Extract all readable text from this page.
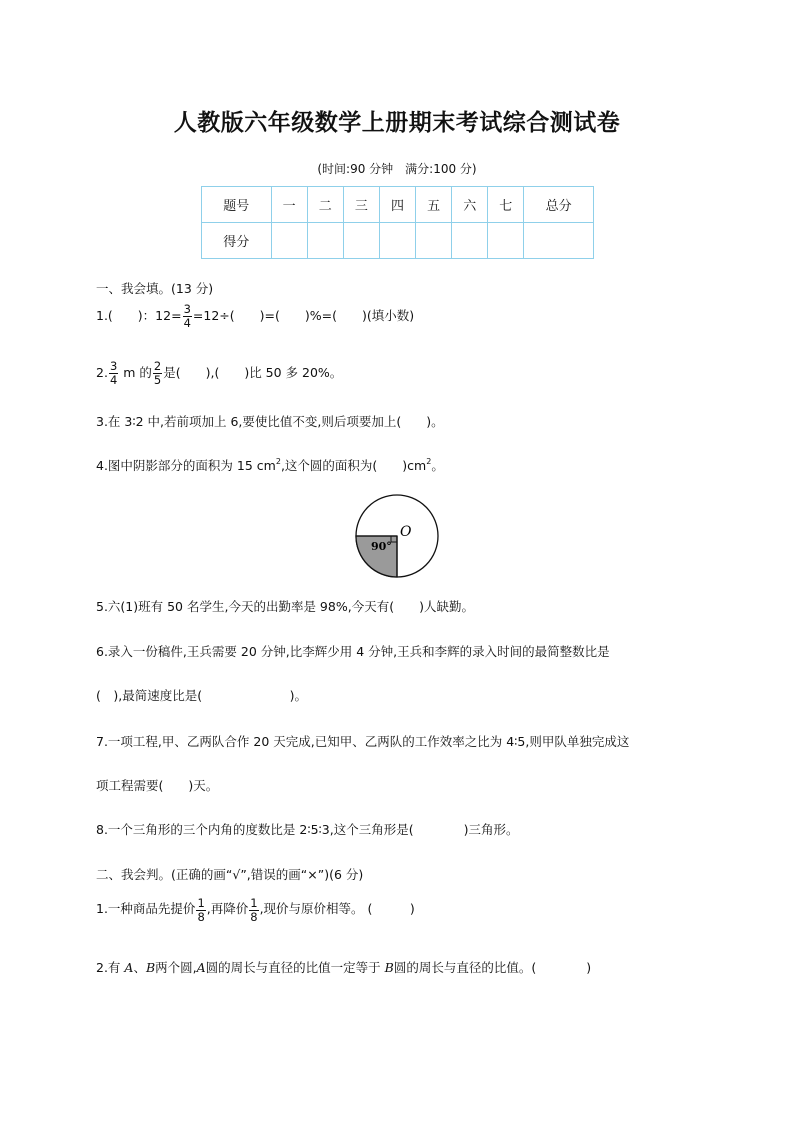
人教版六年级数学上册期末考试综合测试卷
(时间:90 分钟　满分:100 分)
题号	一	二	三	四	五	六	七	总分
得分								
一、我会填。(13 分)
1.(　　)：$12= \frac{3}{4} =12\div$(　　)=(　　)%=(　　)(填小数)
2. $\frac{3}{4}$ m 的 $\frac{2}{5}$ 是(　　),(　　)比 50 多 20%。
3.在 3∶2 中,若前项加上 6,要使比值不变,则后项要加上(　　)。
4.图中阴影部分的面积为 15 $cm^2$,这个圆的面积为(　　)$cm^2$。
90°
O
5.六(1)班有 50 名学生,今天的出勤率是 98%,今天有(　　)人缺勤。
6.录入一份稿件,王兵需要 20 分钟,比李辉少用 4 分钟,王兵和李辉的录入时间的最简整数比是
(　),最简速度比是(　　　　　　　)。
7.一项工程,甲、乙两队合作 20 天完成,已知甲、乙两队的工作效率之比为 4∶5,则甲队单独完成这
项工程需要(　　)天。
8.一个三角形的三个内角的度数比是 2∶5∶3,这个三角形是(　　　　)三角形。
二、我会判。(正确的画“√”,错误的画“×”)(6 分)
1.一种商品先提价 $\frac{1}{8}$ ,再降价 $\frac{1}{8}$ ,现价与原价相等。 (　　　)
2.有 A、B两个圆,A圆的周长与直径的比值一定等于 B圆的周长与直径的比值。(　　　　)
